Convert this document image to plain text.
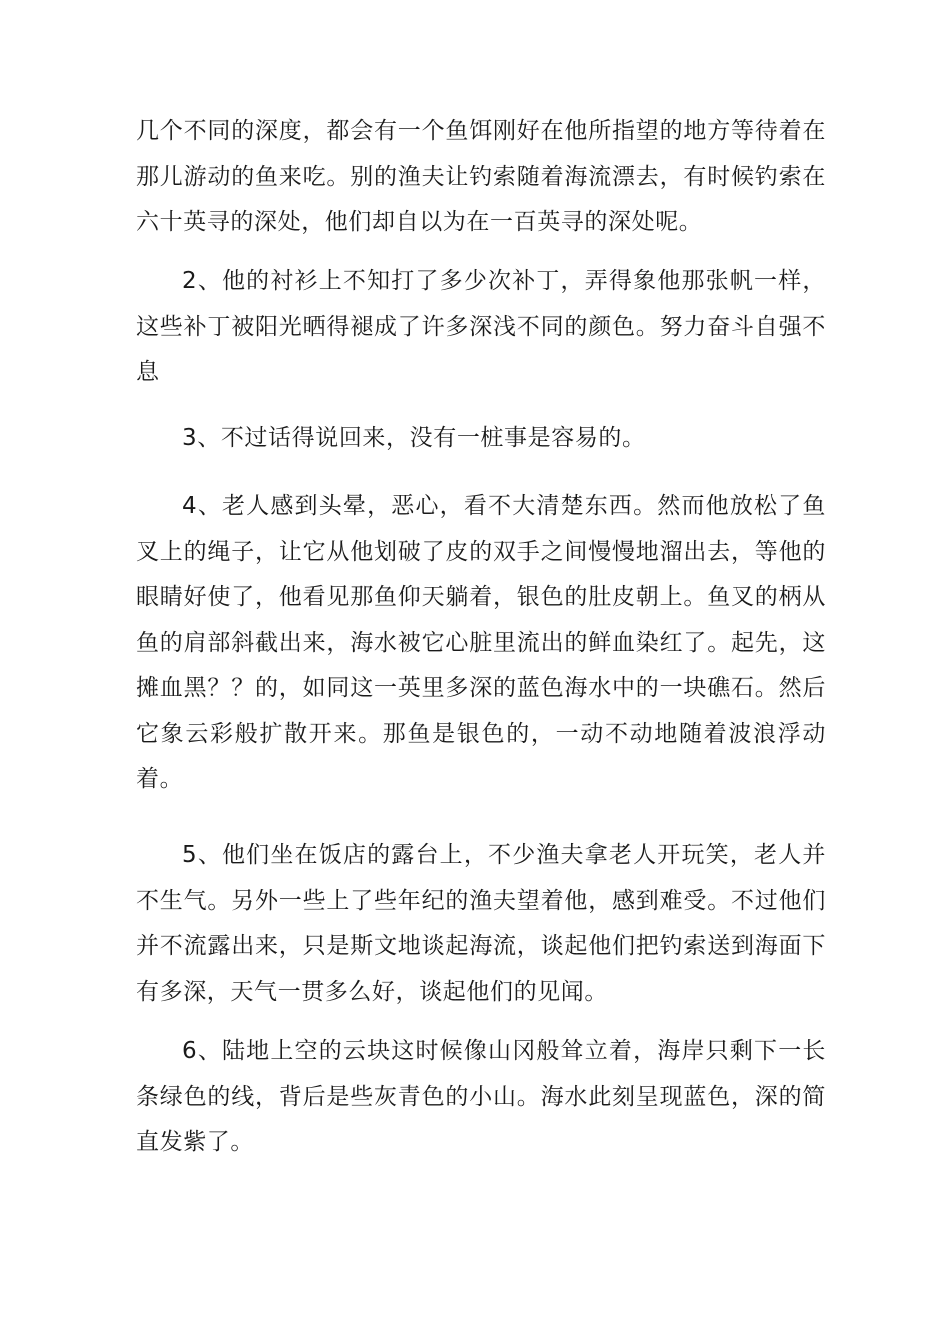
几个不同的深度，都会有一个鱼饵刚好在他所指望的地方等待着在那儿游动的鱼来吃。别的渔夫让钓索随着海流漂去，有时候钓索在六十英寻的深处，他们却自以为在一百英寻的深处呢。

2、他的衬衫上不知打了多少次补丁，弄得象他那张帆一样，这些补丁被阳光晒得褪成了许多深浅不同的颜色。努力奋斗自强不息

3、不过话得说回来，没有一桩事是容易的。

4、老人感到头晕，恶心，看不大清楚东西。然而他放松了鱼叉上的绳子，让它从他划破了皮的双手之间慢慢地溜出去，等他的眼睛好使了，他看见那鱼仰天躺着，银色的肚皮朝上。鱼叉的柄从鱼的肩部斜截出来，海水被它心脏里流出的鲜血染红了。起先，这摊血黑？？的，如同这一英里多深的蓝色海水中的一块礁石。然后它象云彩般扩散开来。那鱼是银色的，一动不动地随着波浪浮动着。

5、他们坐在饭店的露台上，不少渔夫拿老人开玩笑，老人并不生气。另外一些上了些年纪的渔夫望着他，感到难受。不过他们并不流露出来，只是斯文地谈起海流，谈起他们把钓索送到海面下有多深，天气一贯多么好，谈起他们的见闻。

6、陆地上空的云块这时候像山冈般耸立着，海岸只剩下一长条绿色的线，背后是些灰青色的小山。海水此刻呈现蓝色，深的简直发紫了。
